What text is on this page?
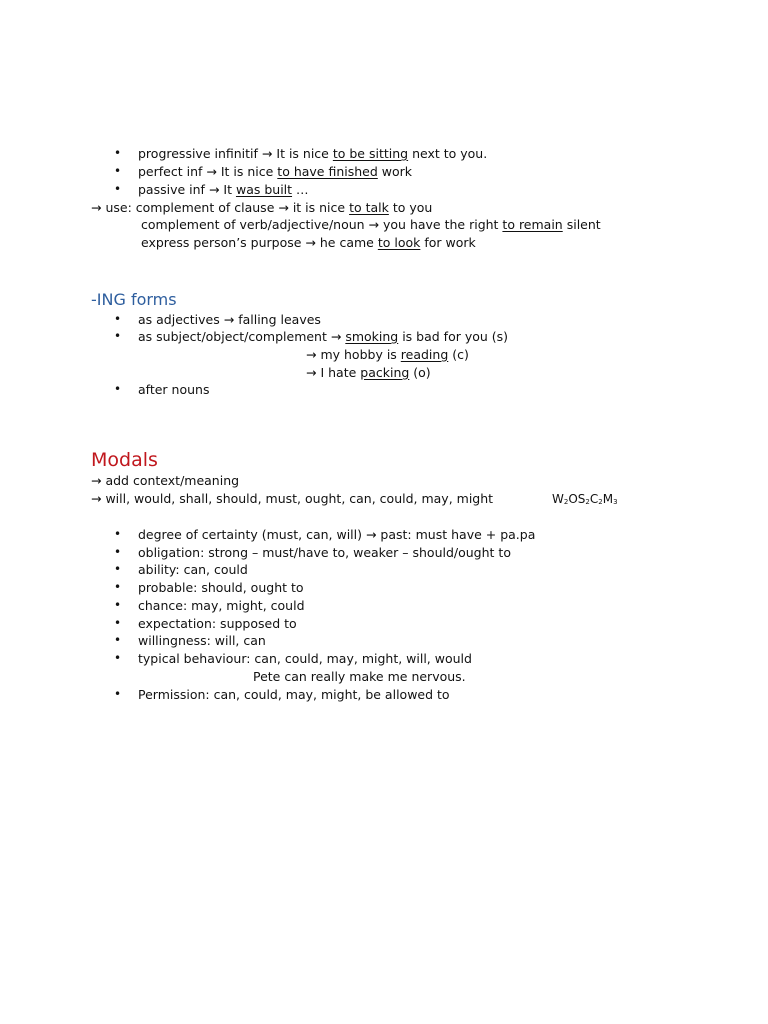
• progressive infinitif → It is nice to be sitting next to you.
• perfect inf → It is nice to have finished work
• passive inf → It was built …
→ use: complement of clause → it is nice to talk to you
complement of verb/adjective/noun → you have the right to remain silent
express person’s purpose → he came to look for work
-ING forms
• as adjectives → falling leaves
• as subject/object/complement → smoking is bad for you (s)
→ my hobby is reading (c)
→ I hate packing (o)
• after nouns
Modals
→ add context/meaning
→ will, would, shall, should, must, ought, can, could, may, might	$W_2OS_2C_2M_3$
• degree of certainty (must, can, will) → past: must have + pa.pa
• obligation: strong – must/have to, weaker – should/ought to
• ability: can, could
• probable: should, ought to
• chance: may, might, could
• expectation: supposed to
• willingness: will, can
• typical behaviour: can, could, may, might, will, would
Pete can really make me nervous.
• Permission: can, could, may, might, be allowed to
